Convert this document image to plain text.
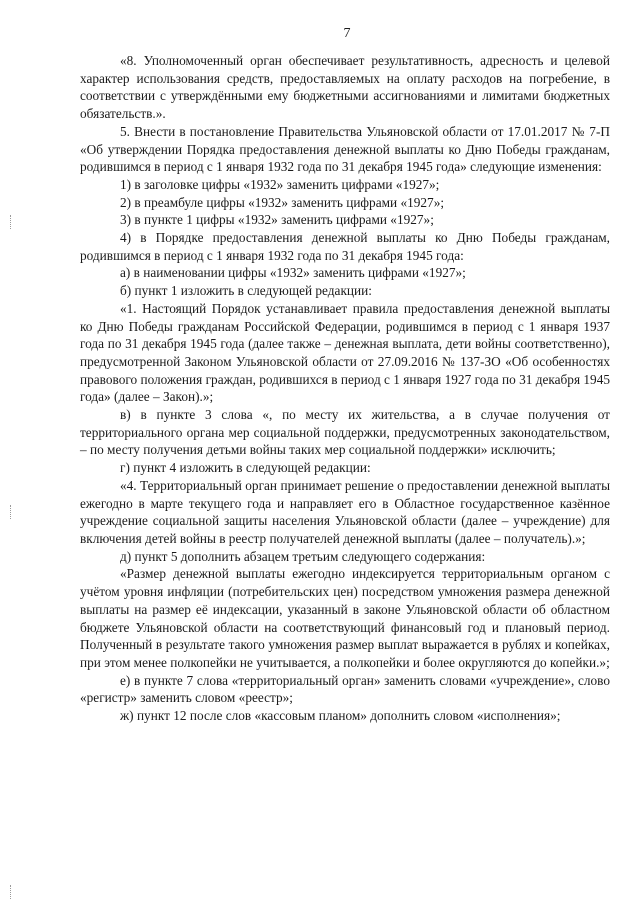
7

«8. Уполномоченный орган обеспечивает результативность, адресность и целевой характер использования средств, предоставляемых на оплату расходов на погребение, в соответствии с утверждёнными ему бюджетными ассигнованиями и лимитами бюджетных обязательств.».

5. Внести в постановление Правительства Ульяновской области от 17.01.2017 № 7-П «Об утверждении Порядка предоставления денежной выплаты ко Дню Победы гражданам, родившимся в период с 1 января 1932 года по 31 декабря 1945 года» следующие изменения:

1) в заголовке цифры «1932» заменить цифрами «1927»;

2) в преамбуле цифры «1932» заменить цифрами «1927»;

3) в пункте 1 цифры «1932» заменить цифрами «1927»;

4) в Порядке предоставления денежной выплаты ко Дню Победы гражданам, родившимся в период с 1 января 1932 года по 31 декабря 1945 года:

а) в наименовании цифры «1932» заменить цифрами «1927»;

б) пункт 1 изложить в следующей редакции:

«1. Настоящий Порядок устанавливает правила предоставления денежной выплаты ко Дню Победы гражданам Российской Федерации, родившимся в период с 1 января 1937 года по 31 декабря 1945 года (далее также – денежная выплата, дети войны соответственно), предусмотренной Законом Ульяновской области от 27.09.2016 № 137-ЗО «Об особенностях правового положения граждан, родившихся в период с 1 января 1927 года по 31 декабря 1945 года» (далее – Закон).»;

в) в пункте 3 слова «, по месту их жительства, а в случае получения от территориального органа мер социальной поддержки, предусмотренных законодательством, – по месту получения детьми войны таких мер социальной поддержки» исключить;

г) пункт 4 изложить в следующей редакции:

«4. Территориальный орган принимает решение о предоставлении денежной выплаты ежегодно в марте текущего года и направляет его в Областное государственное казённое учреждение социальной защиты населения Ульяновской области (далее – учреждение) для включения детей войны в реестр получателей денежной выплаты (далее – получатель).»;

д) пункт 5 дополнить абзацем третьим следующего содержания:

«Размер денежной выплаты ежегодно индексируется территориальным органом с учётом уровня инфляции (потребительских цен) посредством умножения размера денежной выплаты на размер её индексации, указанный в законе Ульяновской области об областном бюджете Ульяновской области на соответствующий финансовый год и плановый период. Полученный в результате такого умножения размер выплат выражается в рублях и копейках, при этом менее полкопейки не учитывается, а полкопейки и более округляются до копейки.»;

е) в пункте 7 слова «территориальный орган» заменить словами «учреждение», слово «регистр» заменить словом «реестр»;

ж) пункт 12 после слов «кассовым планом» дополнить словом «исполнения»;
